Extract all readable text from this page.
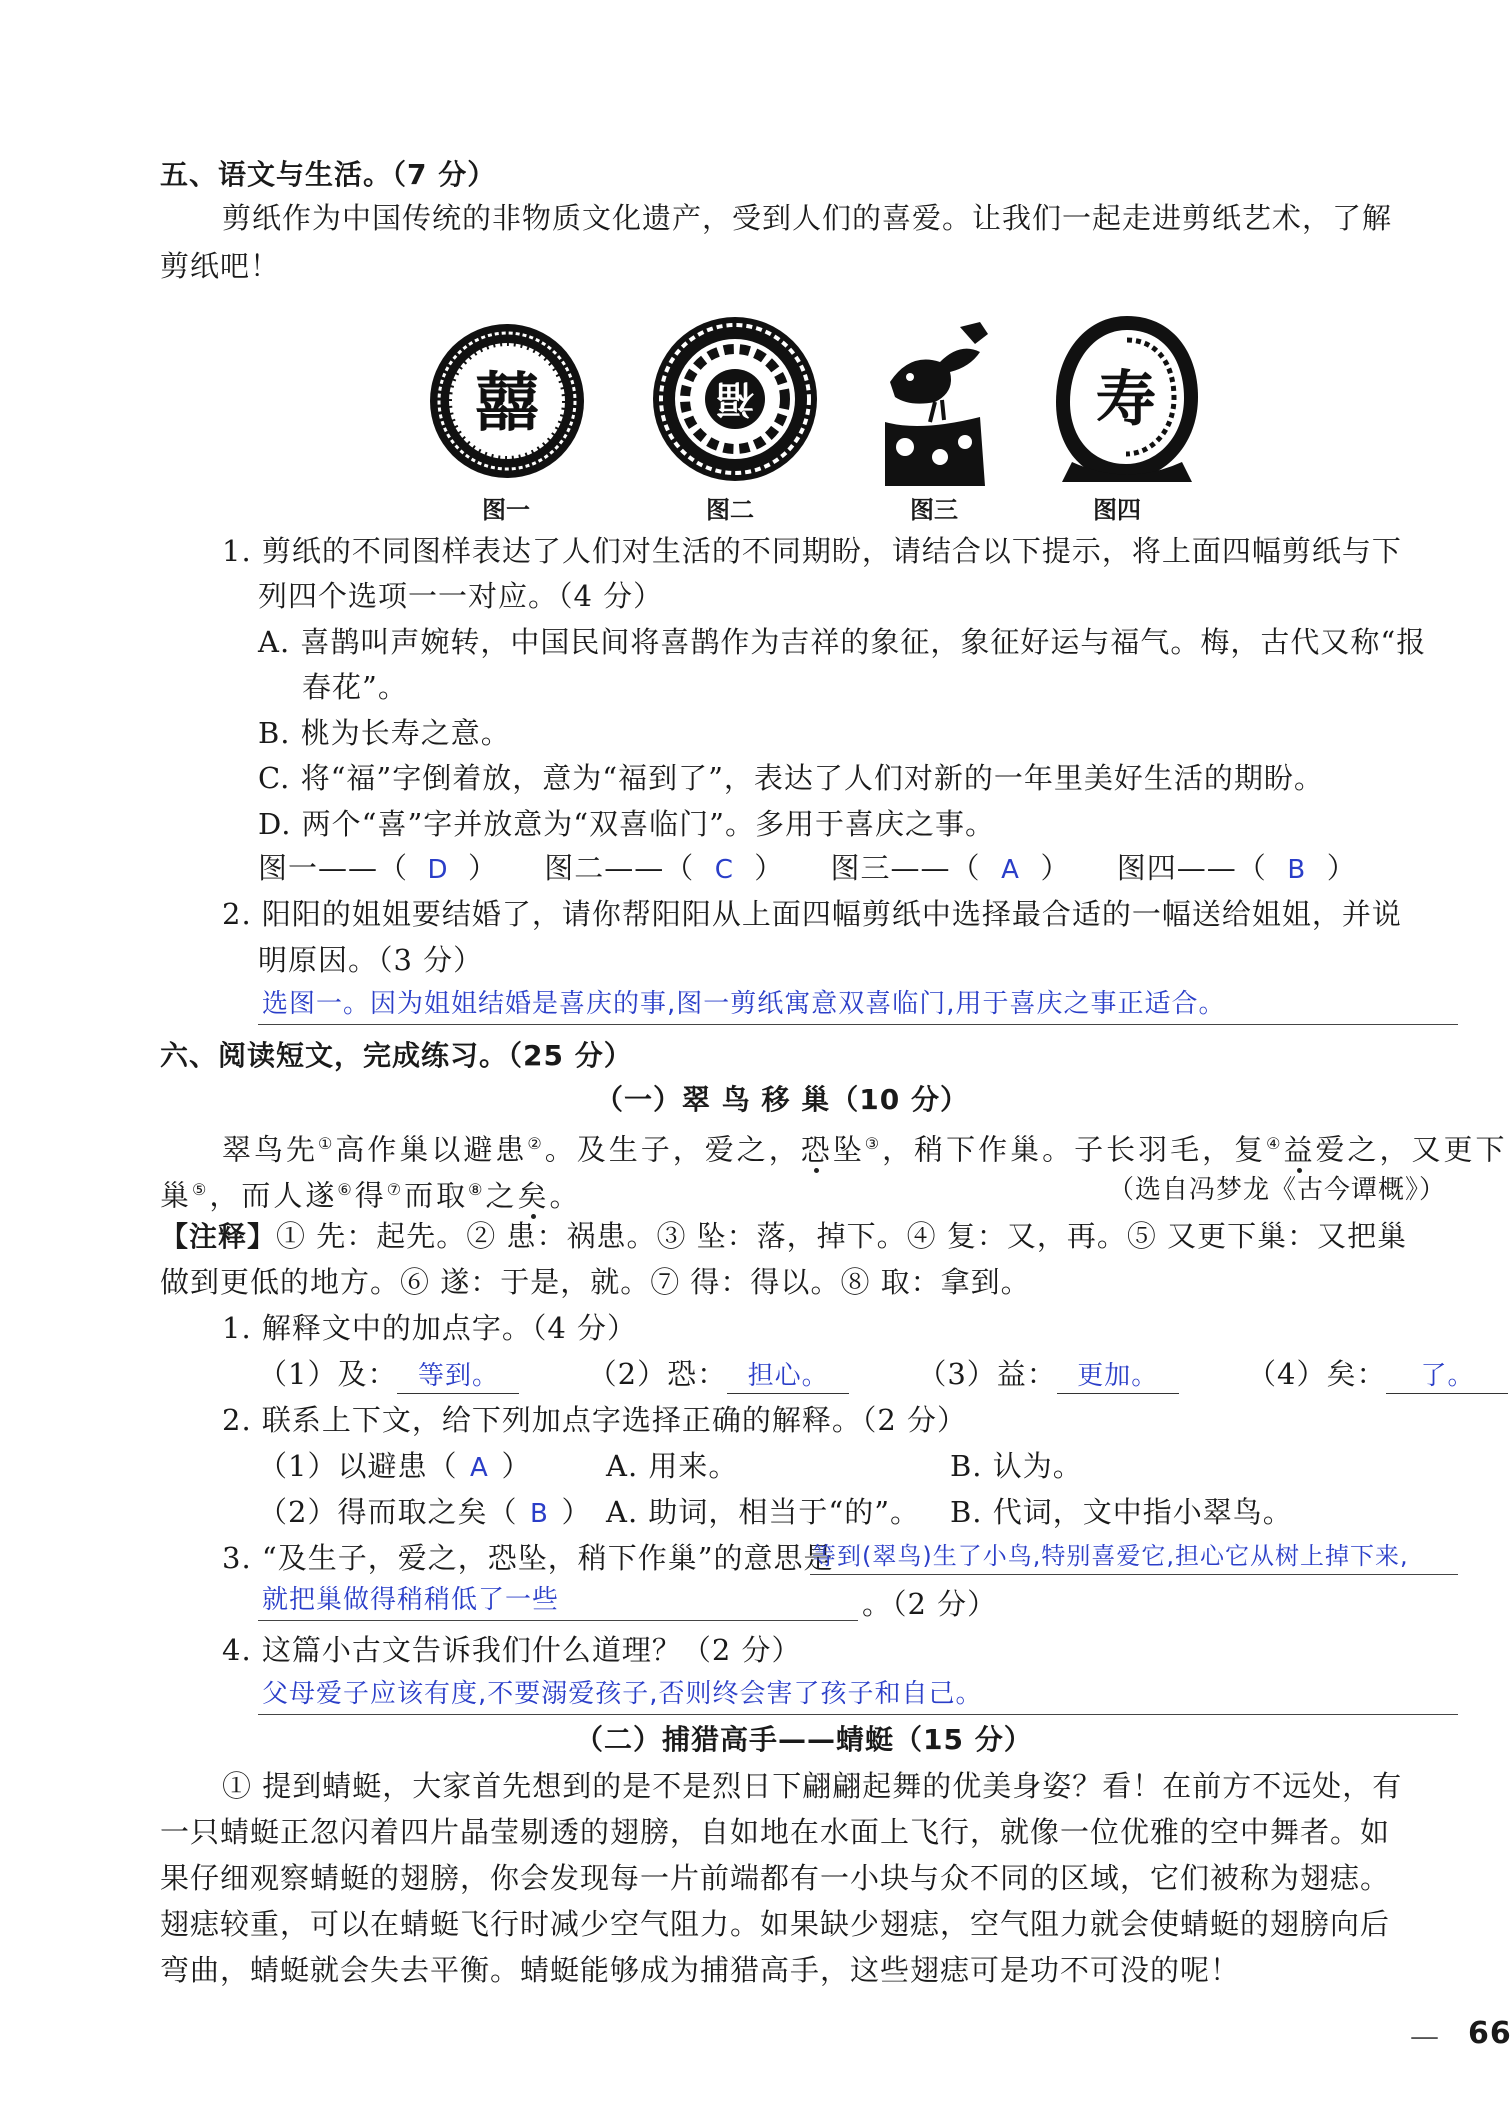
五、语文与生活。（7 分）
剪纸作为中国传统的非物质文化遗产，受到人们的喜爱。让我们一起走进剪纸艺术，了解
剪纸吧！
囍	福	寿
图一	图二	图三	图四
1. 剪纸的不同图样表达了人们对生活的不同期盼，请结合以下提示，将上面四幅剪纸与下
列四个选项一一对应。（4 分）
A. 喜鹊叫声婉转，中国民间将喜鹊作为吉祥的象征，象征好运与福气。梅，古代又称“报
春花”。
B. 桃为长寿之意。
C. 将“福”字倒着放，意为“福到了”，表达了人们对新的一年里美好生活的期盼。
D. 两个“喜”字并放意为“双喜临门”。多用于喜庆之事。
图一——（ D ） 图二——（ C ） 图三——（ A ） 图四——（ B ）
2. 阳阳的姐姐要结婚了，请你帮阳阳从上面四幅剪纸中选择最合适的一幅送给姐姐，并说
明原因。（3 分）
选图一。因为姐姐结婚是喜庆的事,图一剪纸寓意双喜临门,用于喜庆之事正适合。
六、阅读短文，完成练习。（25 分）
（一）翠 鸟 移 巢（10 分）
翠鸟先①高作巢以避患②。及生子，爱之，恐坠③，稍下作巢。子长羽毛，复④益爱之，又更下
巢⑤，而人遂⑥得⑦而取⑧之矣。	（选自冯梦龙《古今谭概》）
【注释】① 先：起先。② 患：祸患。③ 坠：落，掉下。④ 复：又，再。⑤ 又更下巢：又把巢
做到更低的地方。⑥ 遂：于是，就。⑦ 得：得以。⑧ 取：拿到。
1. 解释文中的加点字。（4 分）
（1）及： 等到。	（2）恐： 担心。	（3）益： 更加。	（4）矣： 了。
2. 联系上下文，给下列加点字选择正确的解释。（2 分）
（1）以避患（ A ）	A. 用来。	B. 认为。
（2）得而取之矣（ B ） A. 助词，相当于“的”。 B. 代词，文中指小翠鸟。
3. “及生子，爱之，恐坠，稍下作巢”的意思是
等到(翠鸟)生了小鸟,特别喜爱它,担心它从树上掉下来,
就把巢做得稍稍低了一些	。（2 分）
4. 这篇小古文告诉我们什么道理？（2 分）
父母爱子应该有度,不要溺爱孩子,否则终会害了孩子和自己。
（二）捕猎高手——蜻蜓（15 分）
① 提到蜻蜓，大家首先想到的是不是烈日下翩翩起舞的优美身姿？看！在前方不远处，有
一只蜻蜓正忽闪着四片晶莹剔透的翅膀，自如地在水面上飞行，就像一位优雅的空中舞者。如
果仔细观察蜻蜓的翅膀，你会发现每一片前端都有一小块与众不同的区域，它们被称为翅痣。
翅痣较重，可以在蜻蜓飞行时减少空气阻力。如果缺少翅痣，空气阻力就会使蜻蜓的翅膀向后
弯曲，蜻蜓就会失去平衡。蜻蜓能够成为捕猎高手，这些翅痣可是功不可没的呢！
— 66
